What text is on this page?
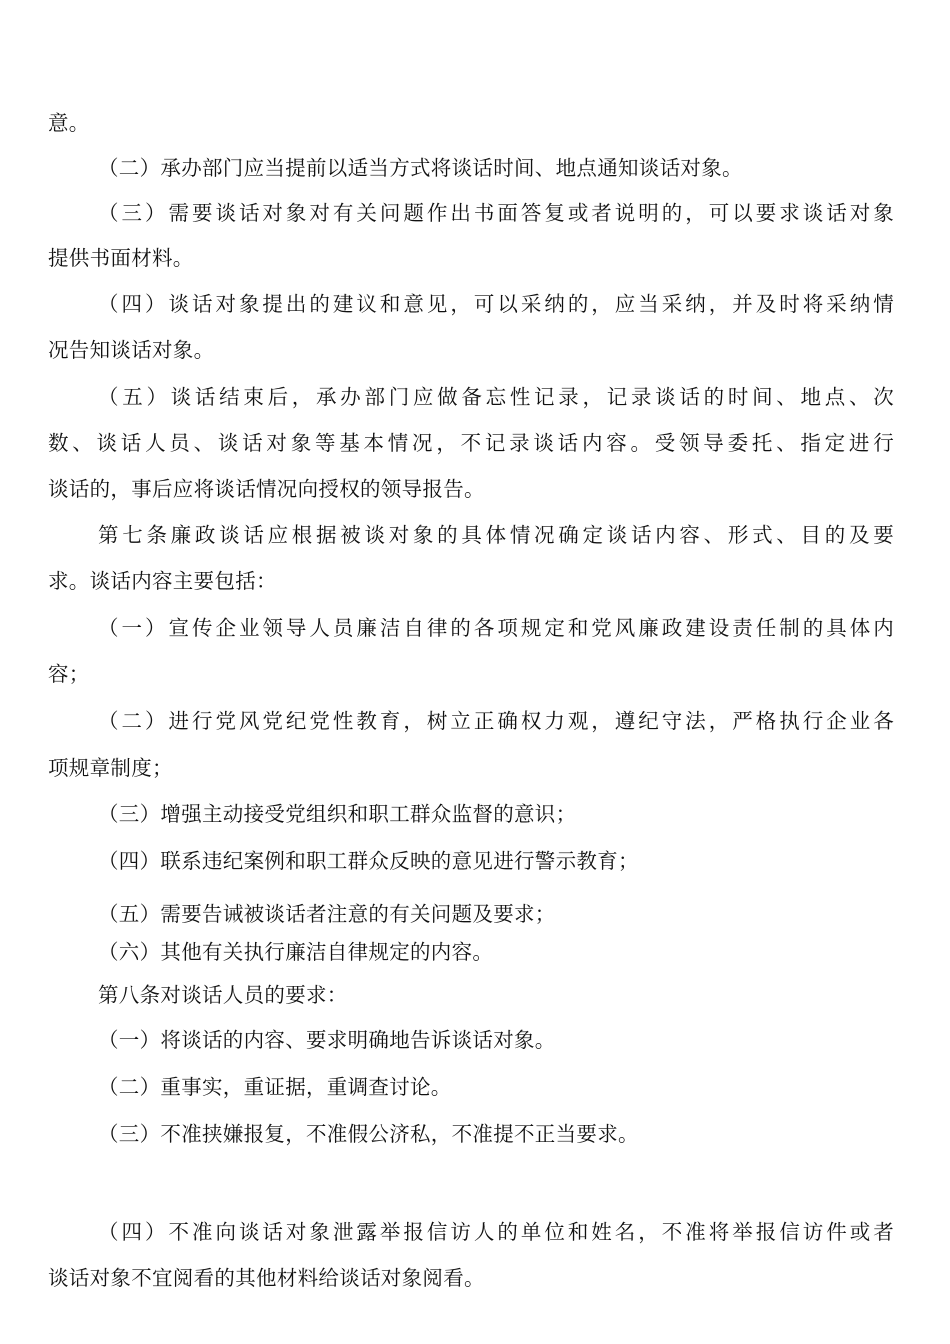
意。
（二）承办部门应当提前以适当方式将谈话时间、地点通知谈话对象。
（三）需要谈话对象对有关问题作出书面答复或者说明的，可以要求谈话对象
提供书面材料。
（四）谈话对象提出的建议和意见，可以采纳的，应当采纳，并及时将采纳情
况告知谈话对象。
（五）谈话结束后，承办部门应做备忘性记录，记录谈话的时间、地点、次
数、谈话人员、谈话对象等基本情况，不记录谈话内容。受领导委托、指定进行
谈话的，事后应将谈话情况向授权的领导报告。
第七条廉政谈话应根据被谈对象的具体情况确定谈话内容、形式、目的及要
求。谈话内容主要包括：
（一）宣传企业领导人员廉洁自律的各项规定和党风廉政建设责任制的具体内
容；
（二）进行党风党纪党性教育，树立正确权力观，遵纪守法，严格执行企业各
项规章制度；
（三）增强主动接受党组织和职工群众监督的意识；
（四）联系违纪案例和职工群众反映的意见进行警示教育；
（五）需要告诫被谈话者注意的有关问题及要求；
（六）其他有关执行廉洁自律规定的内容。
第八条对谈话人员的要求：
（一）将谈话的内容、要求明确地告诉谈话对象。
（二）重事实，重证据，重调查讨论。
（三）不准挟嫌报复，不准假公济私，不准提不正当要求。
（四）不准向谈话对象泄露举报信访人的单位和姓名，不准将举报信访件或者
谈话对象不宜阅看的其他材料给谈话对象阅看。
